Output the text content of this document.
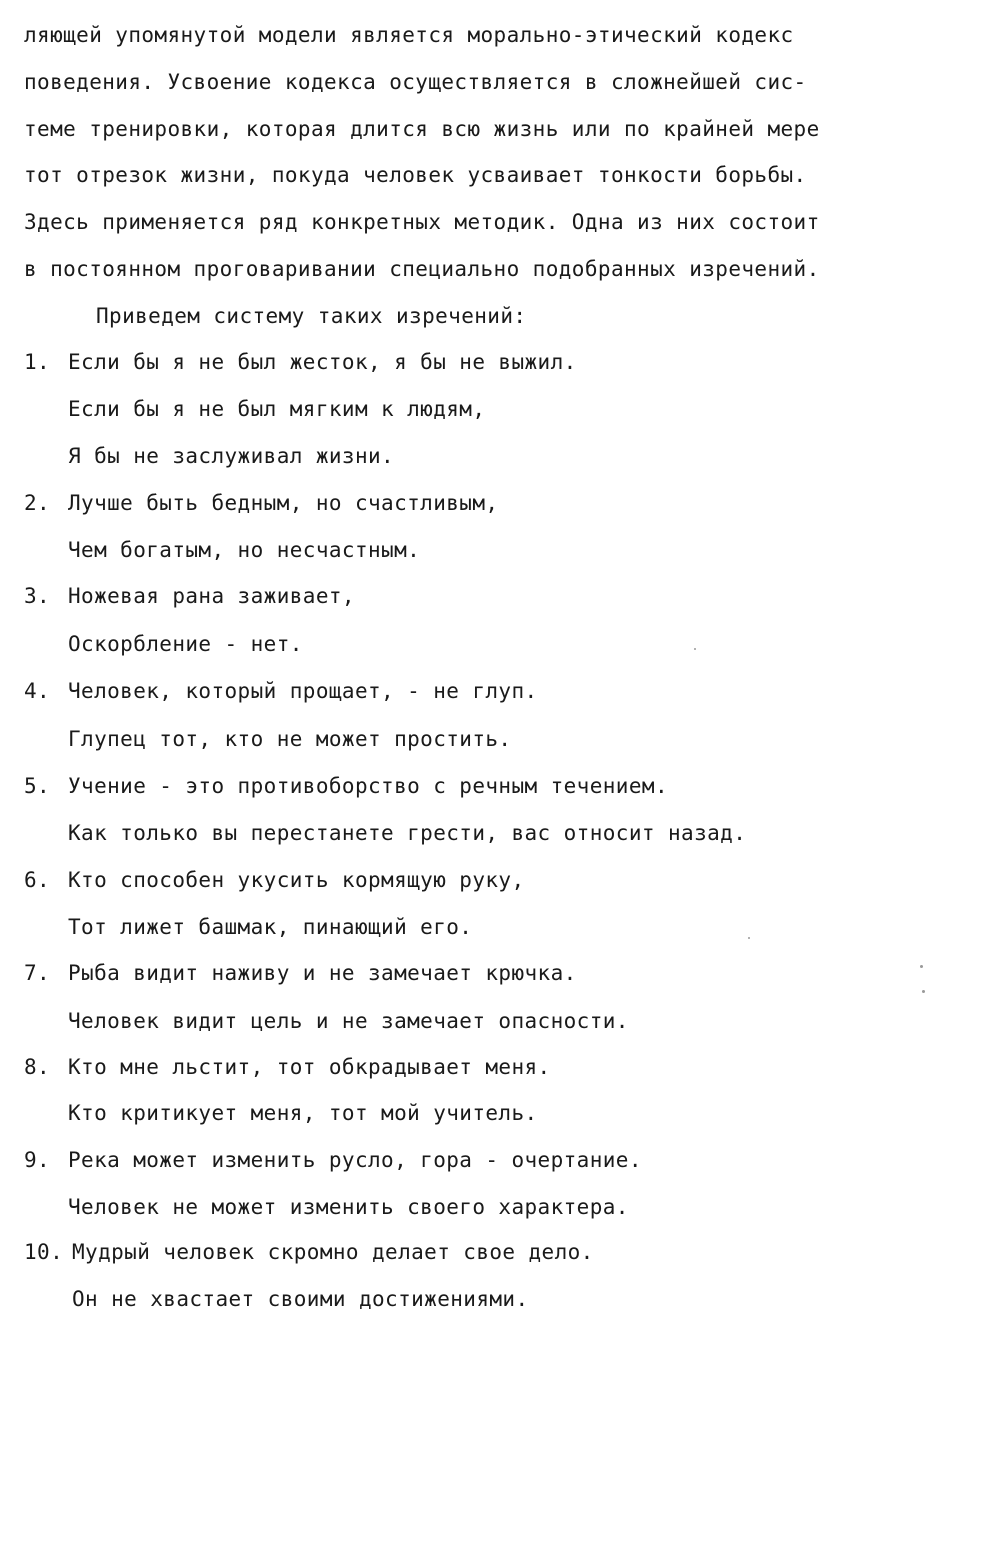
ляющей упомянутой модели является морально-этический кодекс
поведения. Усвоение кодекса осуществляется в сложнейшей сис-
теме тренировки, которая длится всю жизнь или по крайней мере
тот отрезок жизни, покуда человек усваивает тонкости борьбы.
Здесь применяется ряд конкретных методик. Одна из них состоит
в постоянном проговаривании специально подобранных изречений.
Приведем систему таких изречений:
1. Если бы я не был жесток, я бы не выжил.
Если бы я не был мягким к людям,
Я бы не заслуживал жизни.
2. Лучше быть бедным, но счастливым,
Чем богатым, но несчастным.
3. Ножевая рана заживает,
Оскорбление - нет.
4. Человек, который прощает, - не глуп.
Глупец тот, кто не может простить.
5. Учение - это противоборство с речным течением.
Как только вы перестанете грести, вас относит назад.
6. Кто способен укусить кормящую руку,
Тот лижет башмак, пинающий его.
7. Рыба видит наживу и не замечает крючка.
Человек видит цель и не замечает опасности.
8. Кто мне льстит, тот обкрадывает меня.
Кто критикует меня, тот мой учитель.
9. Река может изменить русло, гора - очертание.
Человек не может изменить своего характера.
10. Мудрый человек скромно делает свое дело.
Он не хвастает своими достижениями.
